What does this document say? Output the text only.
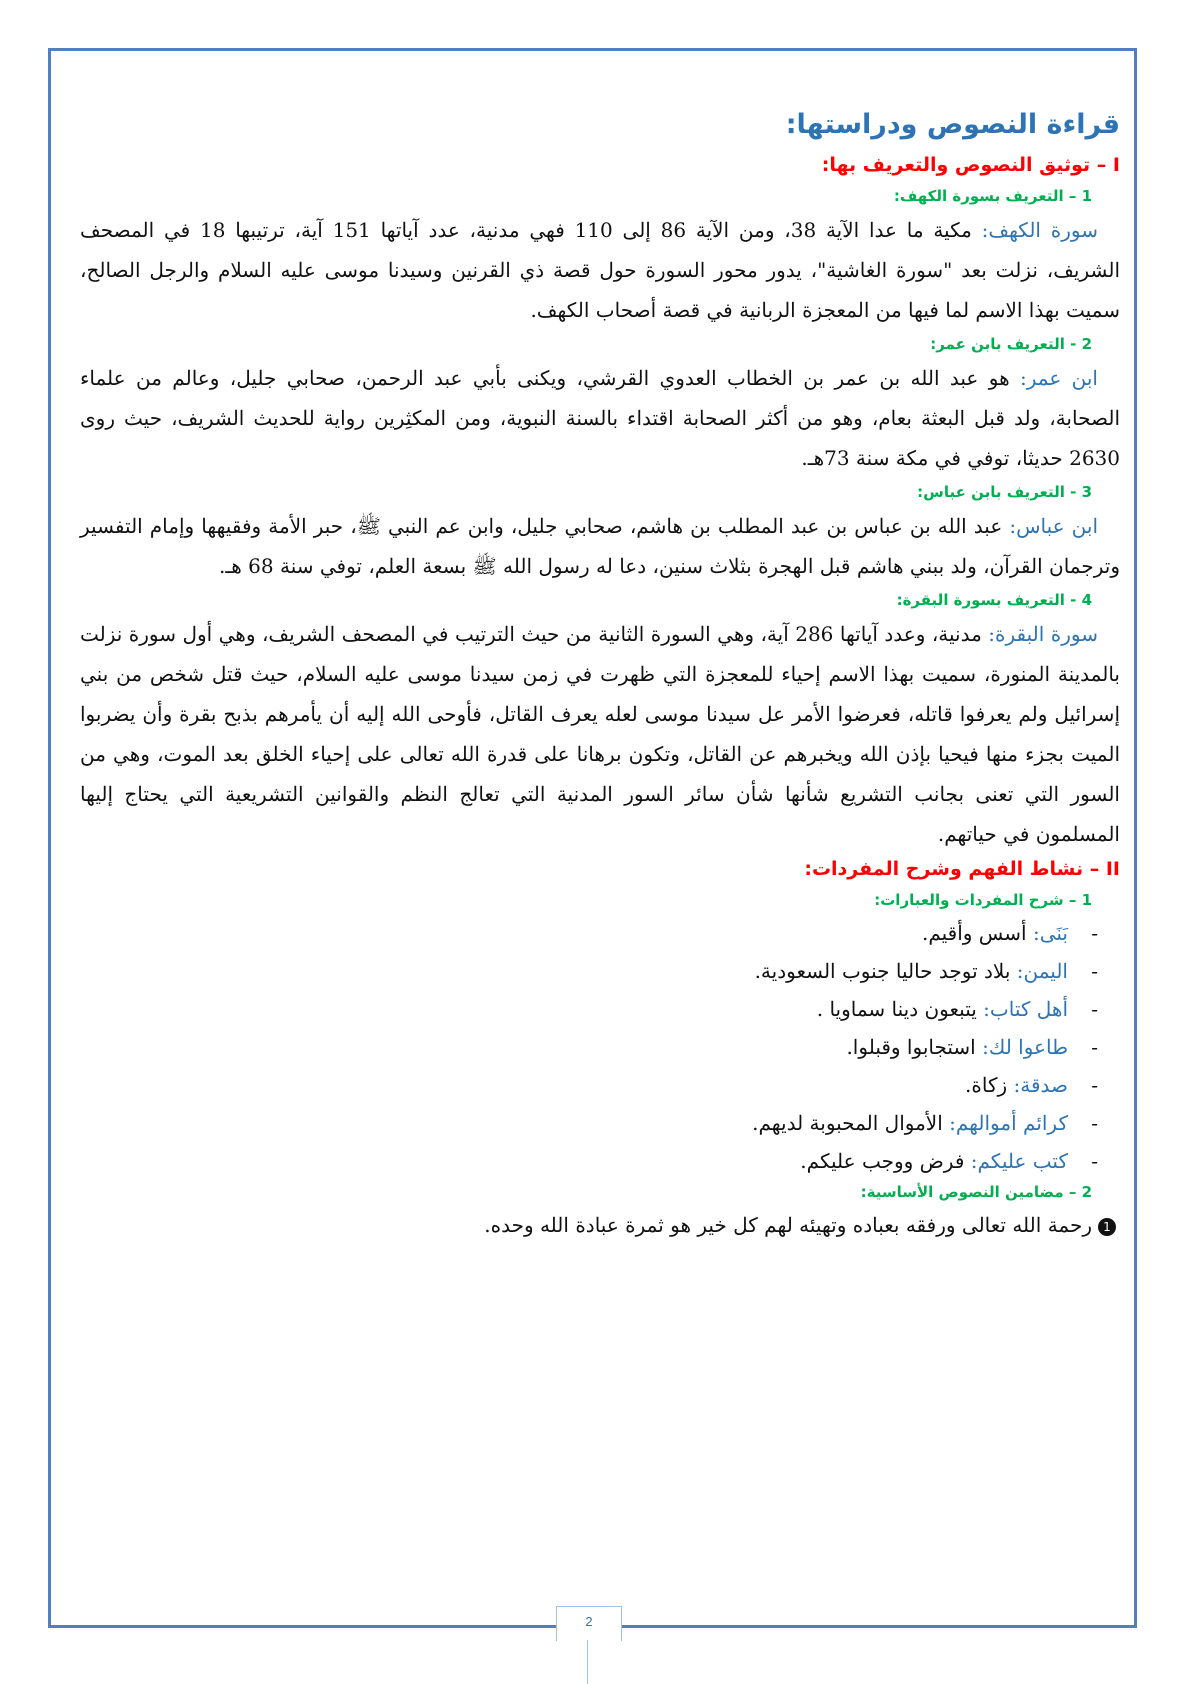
قراءة النصوص ودراستها:
I – توثيق النصوص والتعريف بها:
1 – التعريف بسورة الكهف:

سورة الكهف: مكية ما عدا الآية 38، ومن الآية 86 إلى 110 فهي مدنية، عدد آياتها 151 آية، ترتيبها 18 في المصحف الشريف، نزلت بعد "سورة الغاشية"، يدور محور السورة حول قصة ذي القرنين وسيدنا موسى عليه السلام والرجل الصالح، سميت بهذا الاسم لما فيها من المعجزة الربانية في قصة أصحاب الكهف.

2 - التعريف بابن عمر:

ابن عمر: هو عبد الله بن عمر بن الخطاب العدوي القرشي، ويكنى بأبي عبد الرحمن، صحابي جليل، وعالم من علماء الصحابة، ولد قبل البعثة بعام، وهو من أكثر الصحابة اقتداء بالسنة النبوية، ومن المكثِرين رواية للحديث الشريف، حيث روى 2630 حديثا، توفي في مكة سنة 73هـ.

3 - التعريف بابن عباس:

ابن عباس: عبد الله بن عباس بن عبد المطلب بن هاشم، صحابي جليل، وابن عم النبي ﷺ، حبر الأمة وفقيهها وإمام التفسير وترجمان القرآن، ولد ببني هاشم قبل الهجرة بثلاث سنين، دعا له رسول الله ﷺ بسعة العلم، توفي سنة 68 هـ.

4 - التعريف بسورة البقرة:

سورة البقرة: مدنية، وعدد آياتها 286 آية، وهي السورة الثانية من حيث الترتيب في المصحف الشريف، وهي أول سورة نزلت بالمدينة المنورة، سميت بهذا الاسم إحياء للمعجزة التي ظهرت في زمن سيدنا موسى عليه السلام، حيث قتل شخص من بني إسرائيل ولم يعرفوا قاتله، فعرضوا الأمر عل سيدنا موسى لعله يعرف القاتل، فأوحى الله إليه أن يأمرهم بذبح بقرة وأن يضربوا الميت بجزء منها فيحيا بإذن الله ويخبرهم عن القاتل، وتكون برهانا على قدرة الله تعالى على إحياء الخلق بعد الموت، وهي من السور التي تعنى بجانب التشريع شأنها شأن سائر السور المدنية التي تعالج النظم والقوانين التشريعية التي يحتاج إليها المسلمون في حياتهم.

II – نشاط الفهم وشرح المفردات:
1 – شرح المفردات والعبارات:
- بَنَى: أسس وأقيم.
- اليمن: بلاد توجد حاليا جنوب السعودية.
- أهل كتاب: يتبعون دينا سماويا .
- طاعوا لك: استجابوا وقبلوا.
- صدقة: زكاة.
- كرائم أموالهم: الأموال المحبوبة لديهم.
- كتب عليكم: فرض ووجب عليكم.
2 – مضامين النصوص الأساسية:
1رحمة الله تعالى ورفقه بعباده وتهيئه لهم كل خير هو ثمرة عبادة الله وحده.
2
